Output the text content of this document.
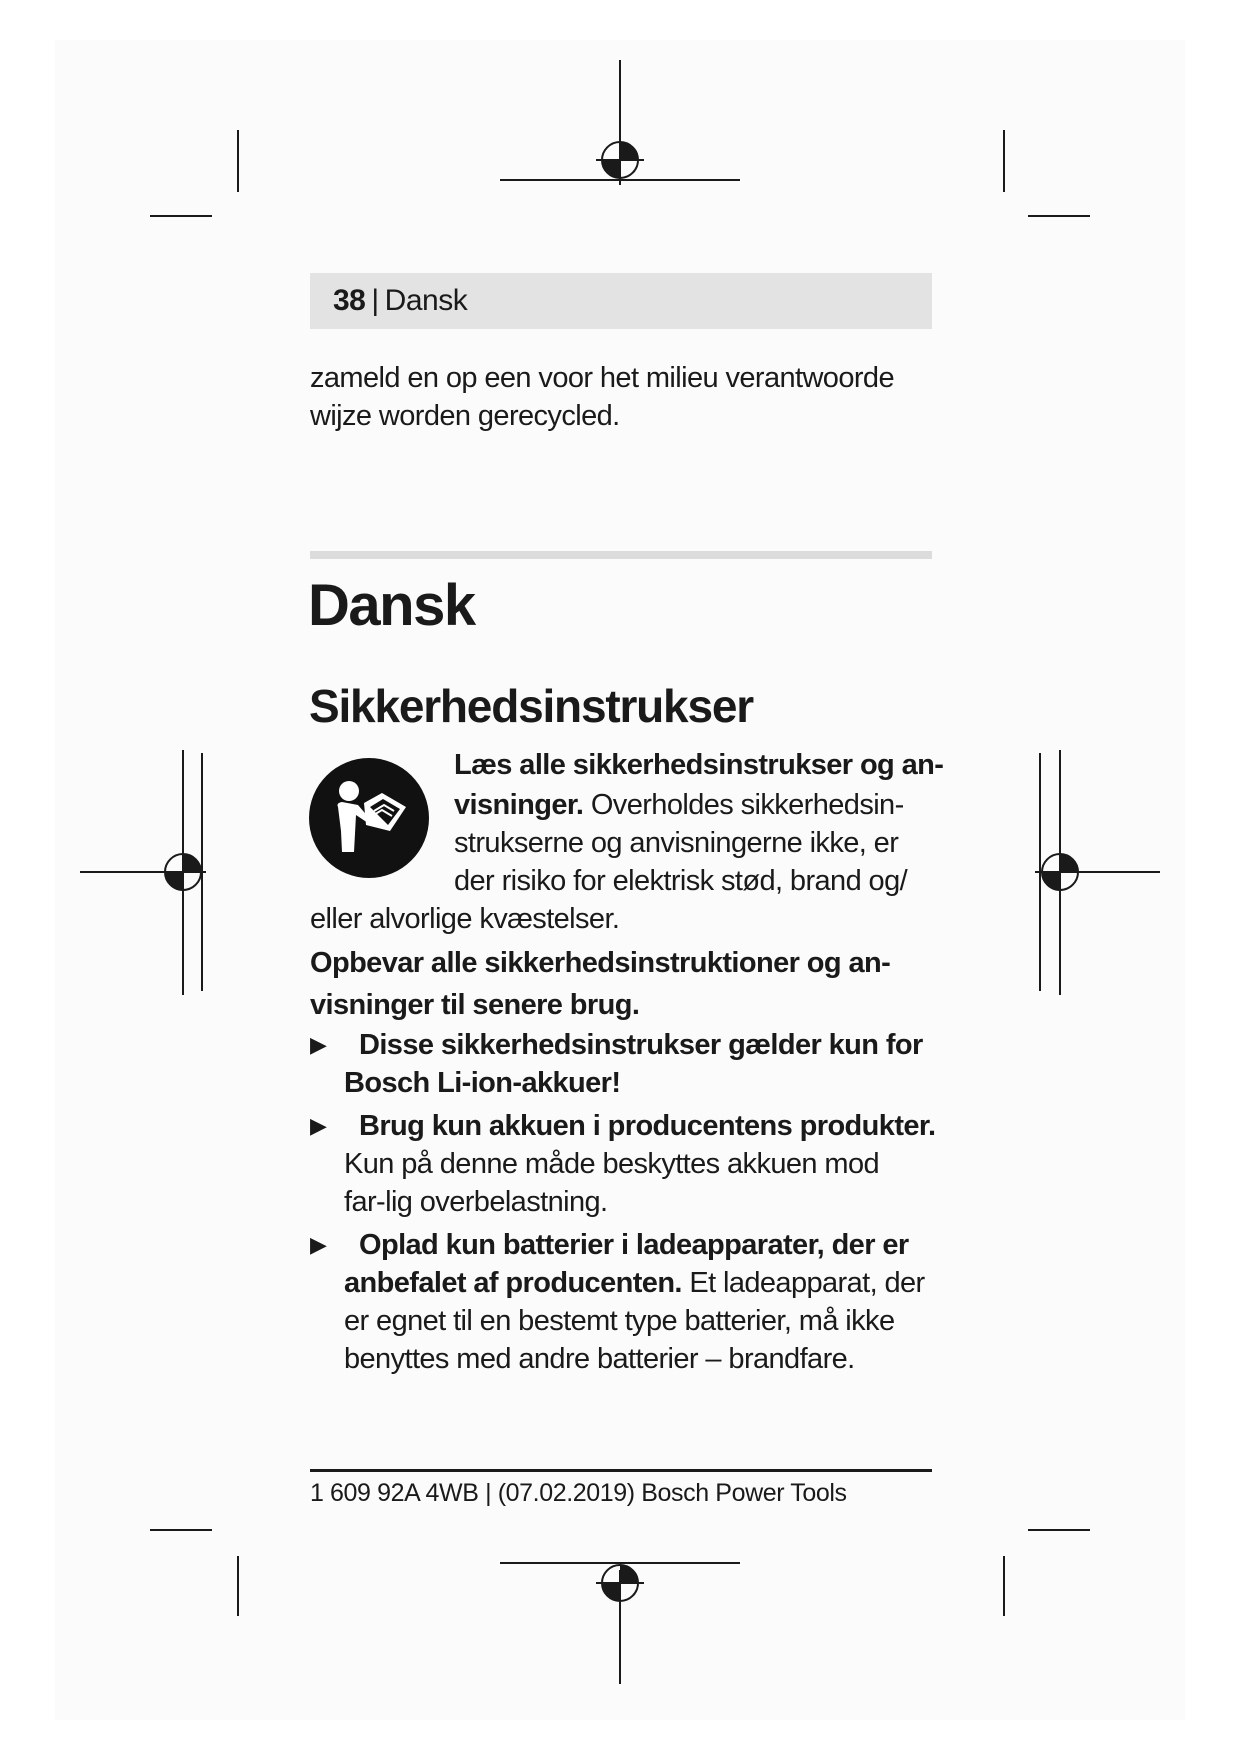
38 | Dansk
zameld en op een voor het milieu verantwoorde
wijze worden gerecycled.
Dansk
Sikkerhedsinstrukser
Læs alle sikkerhedsinstrukser og an-
visninger. Overholdes sikkerhedsin-
strukserne og anvisningerne ikke, er
der risiko for elektrisk stød, brand og/
eller alvorlige kvæstelser.
Opbevar alle sikkerhedsinstruktioner og an-
visninger til senere brug.
▶ Disse sikkerhedsinstrukser gælder kun for Bosch Li-ion-akkuer!
▶ Brug kun akkuen i producentens produkter.
Kun på denne måde beskyttes akkuen mod far-lig overbelastning.
▶ Oplad kun batterier i ladeapparater, der er anbefalet af producenten. Et ladeapparat, der er egnet til en bestemt type batterier, må ikke benyttes med andre batterier – brandfare.
1 609 92A 4WB | (07.02.2019) Bosch Power Tools
